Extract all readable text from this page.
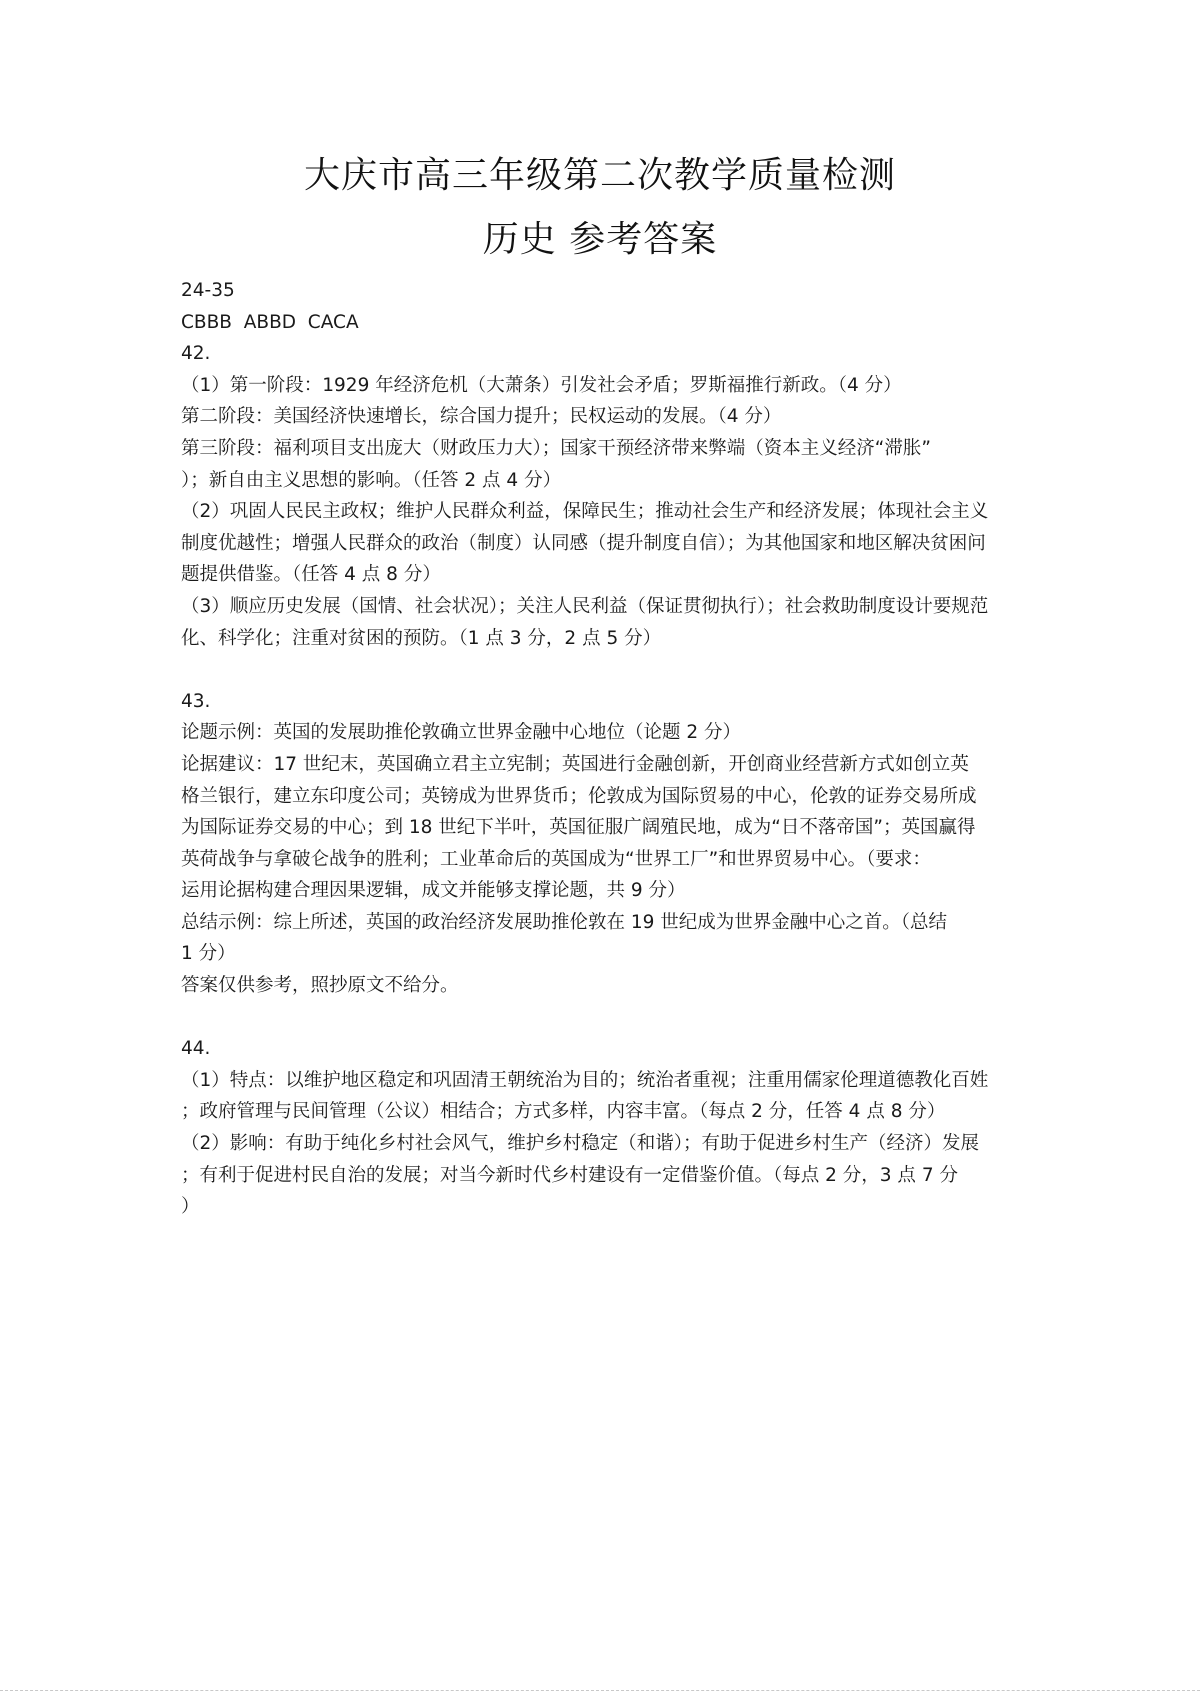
大庆市高三年级第二次教学质量检测
历史 参考答案
24-35
CBBB  ABBD  CACA
42.
（1）第一阶段：1929 年经济危机（大萧条）引发社会矛盾；罗斯福推行新政。（4 分）
第二阶段：美国经济快速增长，综合国力提升；民权运动的发展。（4 分）
第三阶段：福利项目支出庞大（财政压力大）；国家干预经济带来弊端（资本主义经济“滞胀”
）；新自由主义思想的影响。（任答 2 点 4 分）
（2）巩固人民民主政权；维护人民群众利益，保障民生；推动社会生产和经济发展；体现社会主义
制度优越性；增强人民群众的政治（制度）认同感（提升制度自信）；为其他国家和地区解决贫困问
题提供借鉴。（任答 4 点 8 分）
（3）顺应历史发展（国情、社会状况）；关注人民利益（保证贯彻执行）；社会救助制度设计要规范
化、科学化；注重对贫困的预防。（1 点 3 分，2 点 5 分）
43.
论题示例：英国的发展助推伦敦确立世界金融中心地位（论题 2 分）
论据建议：17 世纪末，英国确立君主立宪制；英国进行金融创新，开创商业经营新方式如创立英
格兰银行，建立东印度公司；英镑成为世界货币；伦敦成为国际贸易的中心，伦敦的证券交易所成
为国际证券交易的中心；到 18 世纪下半叶，英国征服广阔殖民地，成为“日不落帝国”；英国赢得
英荷战争与拿破仑战争的胜利；工业革命后的英国成为“世界工厂”和世界贸易中心。（要求：
运用论据构建合理因果逻辑，成文并能够支撑论题，共 9 分）
总结示例：综上所述，英国的政治经济发展助推伦敦在 19 世纪成为世界金融中心之首。（总结
1 分）
答案仅供参考，照抄原文不给分。
44.
（1）特点：以维护地区稳定和巩固清王朝统治为目的；统治者重视；注重用儒家伦理道德教化百姓
；政府管理与民间管理（公议）相结合；方式多样，内容丰富。（每点 2 分，任答 4 点 8 分）
（2）影响：有助于纯化乡村社会风气，维护乡村稳定（和谐）；有助于促进乡村生产（经济）发展
；有利于促进村民自治的发展；对当今新时代乡村建设有一定借鉴价值。（每点 2 分，3 点 7 分
）
